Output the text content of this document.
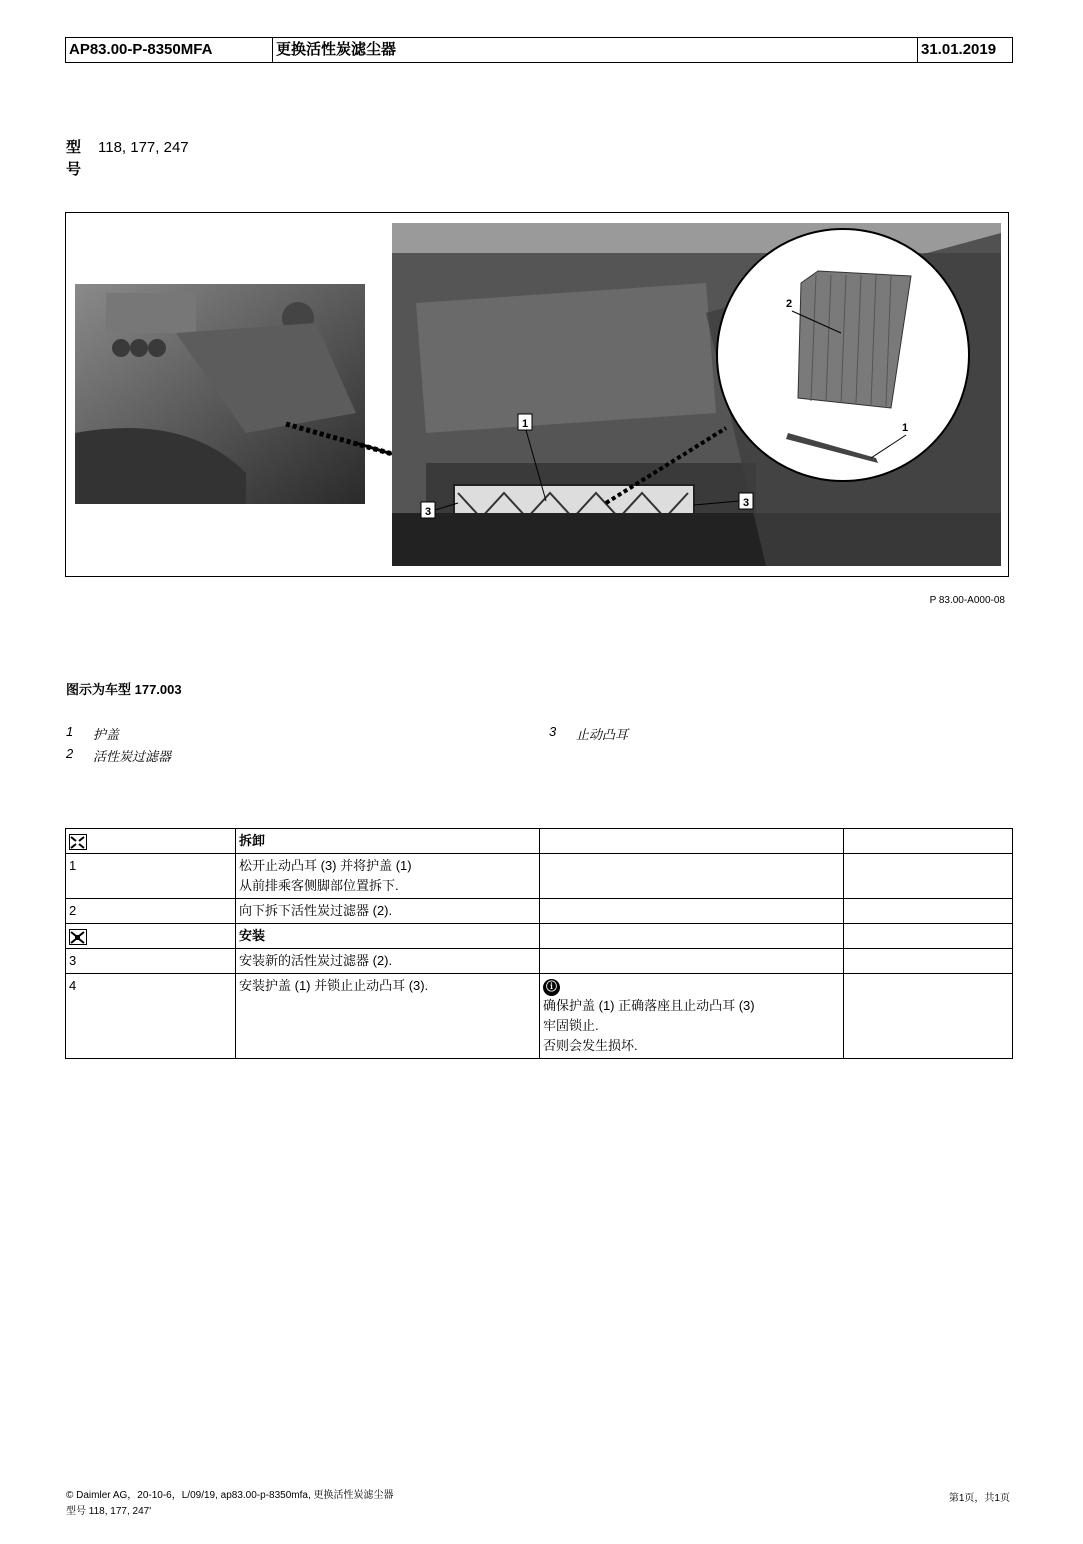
AP83.00-P-8350MFA	更换活性炭滤尘器	31.01.2019
型号
118, 177, 247
1
3
3
2
1
P 83.00-A000-08
图示为车型 177.003
1 护盖
2 活性炭过滤器
3 止动凸耳
	拆卸		
1	松开止动凸耳 (3) 并将护盖 (1)
从前排乘客侧脚部位置拆下.		

2	向下拆下活性炭过滤器 (2).		
	安装		
3	安装新的活性炭过滤器 (2).		
4	安装护盖 (1) 并锁止止动凸耳 (3).	ⓘ
确保护盖 (1) 正确落座且止动凸耳 (3)
牢固锁止.
否则会发生损坏.	

© Daimler AG，20-10-6，L/09/19, ap83.00-p-8350mfa, 更换活性炭滤尘器
型号 118, 177, 247'
第1页，共1页
